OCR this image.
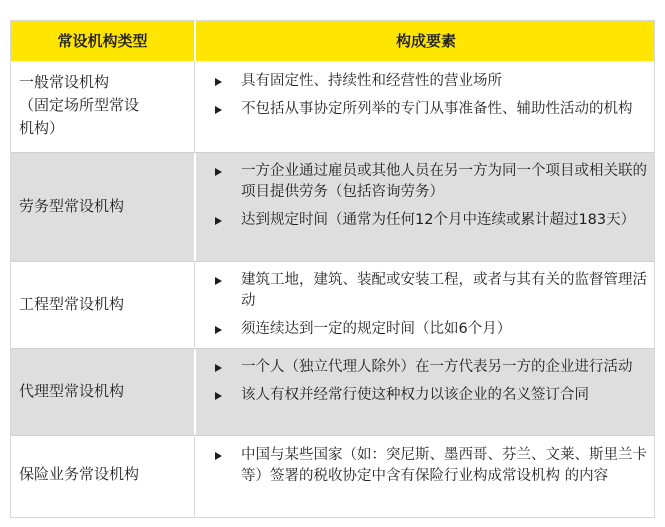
常设机构类型	构成要素
一般常设机构
（固定场所型常设
机构）
具有固定性、持续性和经营性的营业场所
不包括从事协定所列举的专门从事准备性、辅助性活动的机构
劳务型常设机构
一方企业通过雇员或其他人员在另一方为同一个项目或相关联的项目提供劳务（包括咨询劳务）
达到规定时间（通常为任何12个月中连续或累计超过183天）
工程型常设机构
建筑工地，建筑、装配或安装工程，或者与其有关的监督管理活动
须连续达到一定的规定时间（比如6个月）
代理型常设机构
一个人（独立代理人除外）在一方代表另一方的企业进行活动
该人有权并经常行使这种权力以该企业的名义签订合同
保险业务常设机构
中国与某些国家（如：突尼斯、墨西哥、芬兰、文莱、斯里兰卡等）签署的税收协定中含有保险行业构成常设机构 的内容
